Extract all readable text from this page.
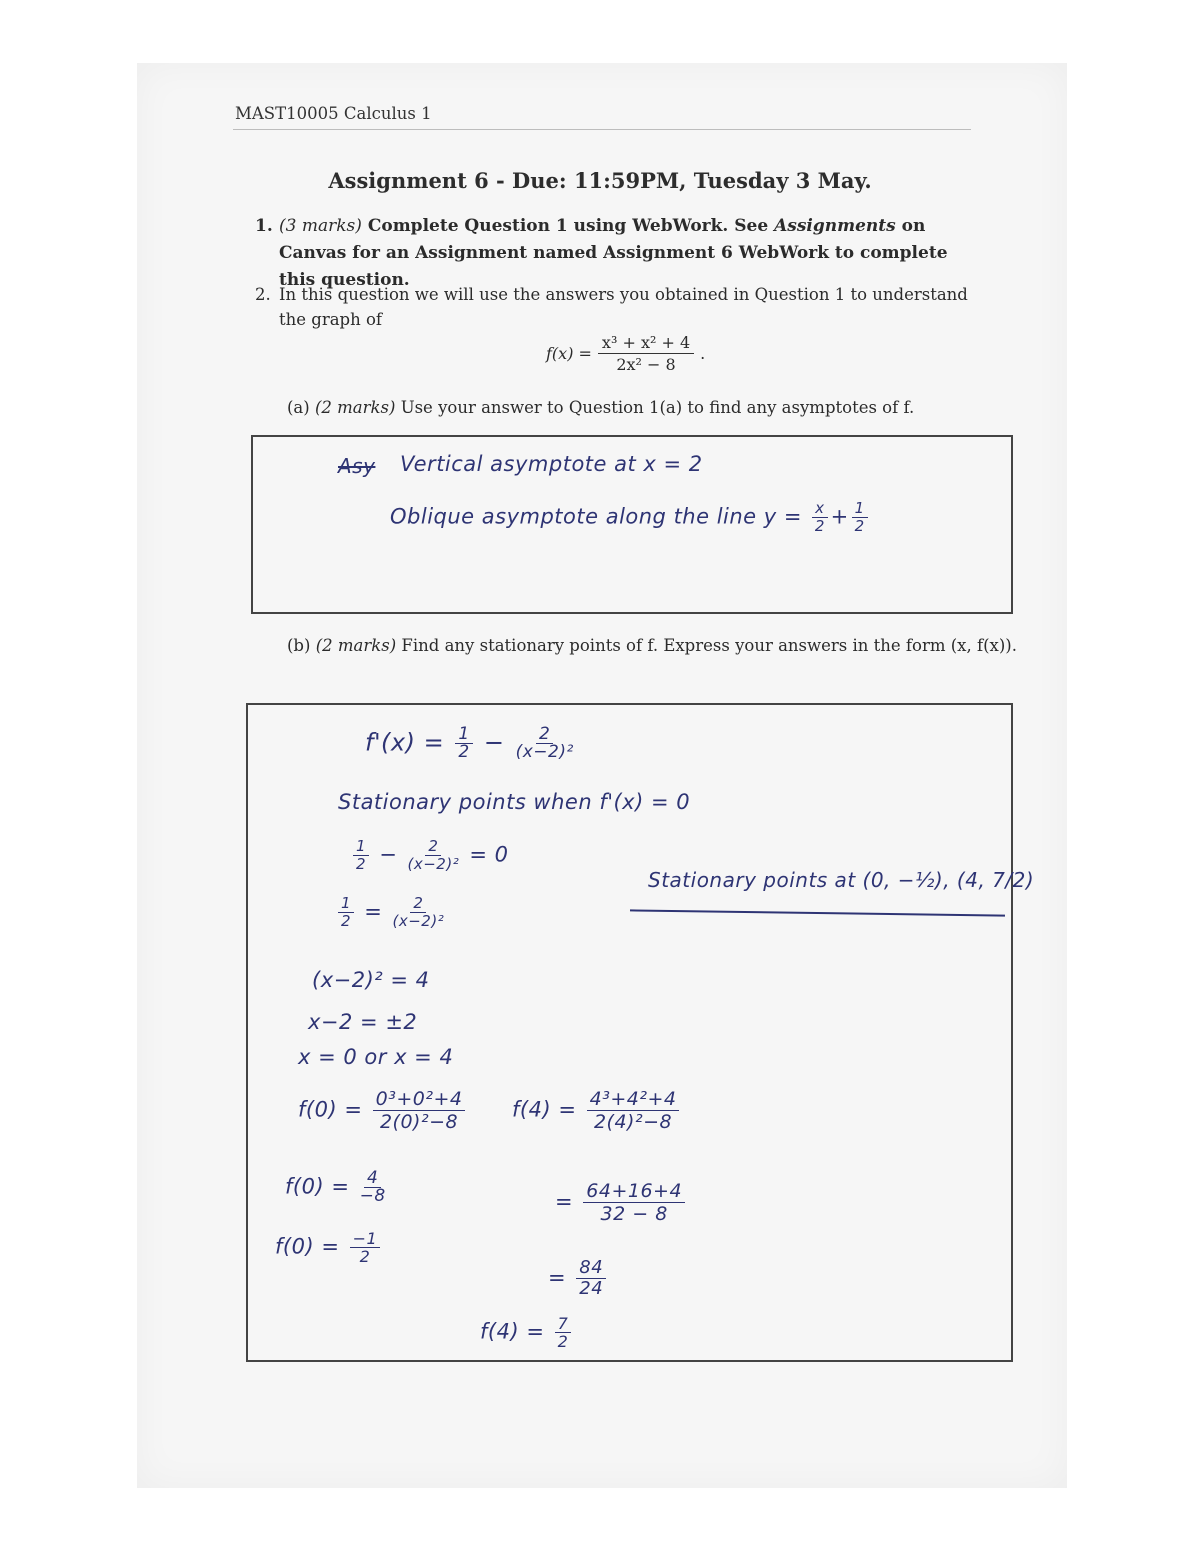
MAST10005 Calculus 1
Assignment 6 - Due: 11:59PM, Tuesday 3 May.
1. (3 marks) Complete Question 1 using WebWork. See Assignments on Canvas for an Assignment named Assignment 6 WebWork to complete this question.
2. In this question we will use the answers you obtained in Question 1 to understand the graph of
$f(x) = \frac{\text{x³ + x² + 4}}{\text{2x² − 8}}$ .
(a) (2 marks) Use your answer to Question 1(a) to find any asymptotes of f.
Asy Vertical asymptote at x = 2
Oblique asymptote along the line $y = \frac{x}{2} + \frac{1}{2}$
(b) (2 marks) Find any stationary points of f. Express your answers in the form (x, f(x)).
$f'(x) = \frac{1}{2} - \frac{2}{\text{(x−2)²}}$
Stationary points when f'(x) = 0
$\frac{1}{2} - \frac{2}{\text{(x−2)²}} = 0$
$\frac{1}{2} = \frac{2}{\text{(x−2)²}}$
(x−2)² = 4
x−2 = ±2
x = 0 or x = 4
$f(0) = \frac{\text{0³+0²+4}}{\text{2(0)²−8}}$
$f(0) = \frac{4}{-8}$
$f(0) = \frac{-1}{2}$
$f(4) = \frac{\text{4³+4²+4}}{\text{2(4)²−8}}$
= $\frac{64+16+4}{32 - 8}$
= $\frac{84}{24}$
$f(4) = \frac{7}{2}$
Stationary points at (0, −½), (4, 7/2)
